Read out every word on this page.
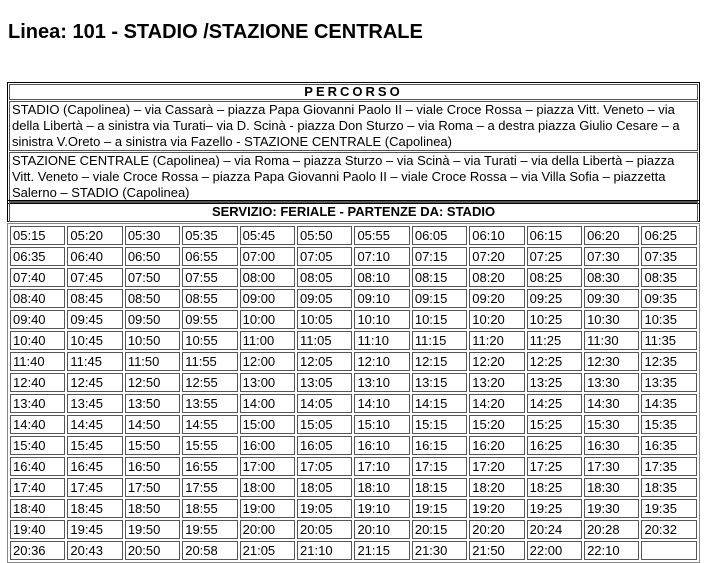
Linea: 101 - STADIO /STAZIONE CENTRALE
PERCORSO
STADIO (Capolinea) – via Cassarà – piazza Papa Giovanni Paolo II – viale Croce Rossa – piazza Vitt. Veneto – via della Libertà – a sinistra via Turati– via D. Scinà - piazza Don Sturzo – via Roma – a destra piazza Giulio Cesare – a sinistra V.Oreto – a sinistra via Fazello - STAZIONE CENTRALE (Capolinea)
STAZIONE CENTRALE (Capolinea) – via Roma – piazza Sturzo – via Scinà – via Turati – via della Libertà – piazza Vitt. Veneto – viale Croce Rossa – piazza Papa Giovanni Paolo II – viale Croce Rossa – via Villa Sofia – piazzetta Salerno – STADIO (Capolinea)
SERVIZIO: FERIALE - PARTENZE DA: STADIO
05:15	05:20	05:30	05:35	05:45	05:50	05:55	06:05	06:10	06:15	06:20	06:25
06:35	06:40	06:50	06:55	07:00	07:05	07:10	07:15	07:20	07:25	07:30	07:35
07:40	07:45	07:50	07:55	08:00	08:05	08:10	08:15	08:20	08:25	08:30	08:35
08:40	08:45	08:50	08:55	09:00	09:05	09:10	09:15	09:20	09:25	09:30	09:35
09:40	09:45	09:50	09:55	10:00	10:05	10:10	10:15	10:20	10:25	10:30	10:35
10:40	10:45	10:50	10:55	11:00	11:05	11:10	11:15	11:20	11:25	11:30	11:35
11:40	11:45	11:50	11:55	12:00	12:05	12:10	12:15	12:20	12:25	12:30	12:35
12:40	12:45	12:50	12:55	13:00	13:05	13:10	13:15	13:20	13:25	13:30	13:35
13:40	13:45	13:50	13:55	14:00	14:05	14:10	14:15	14:20	14:25	14:30	14:35
14:40	14:45	14:50	14:55	15:00	15:05	15:10	15:15	15:20	15:25	15:30	15:35
15:40	15:45	15:50	15:55	16:00	16:05	16:10	16:15	16:20	16:25	16:30	16:35
16:40	16:45	16:50	16:55	17:00	17:05	17:10	17:15	17:20	17:25	17:30	17:35
17:40	17:45	17:50	17:55	18:00	18:05	18:10	18:15	18:20	18:25	18:30	18:35
18:40	18:45	18:50	18:55	19:00	19:05	19:10	19:15	19:20	19:25	19:30	19:35
19:40	19:45	19:50	19:55	20:00	20:05	20:10	20:15	20:20	20:24	20:28	20:32
20:36	20:43	20:50	20:58	21:05	21:10	21:15	21:30	21:50	22:00	22:10	
